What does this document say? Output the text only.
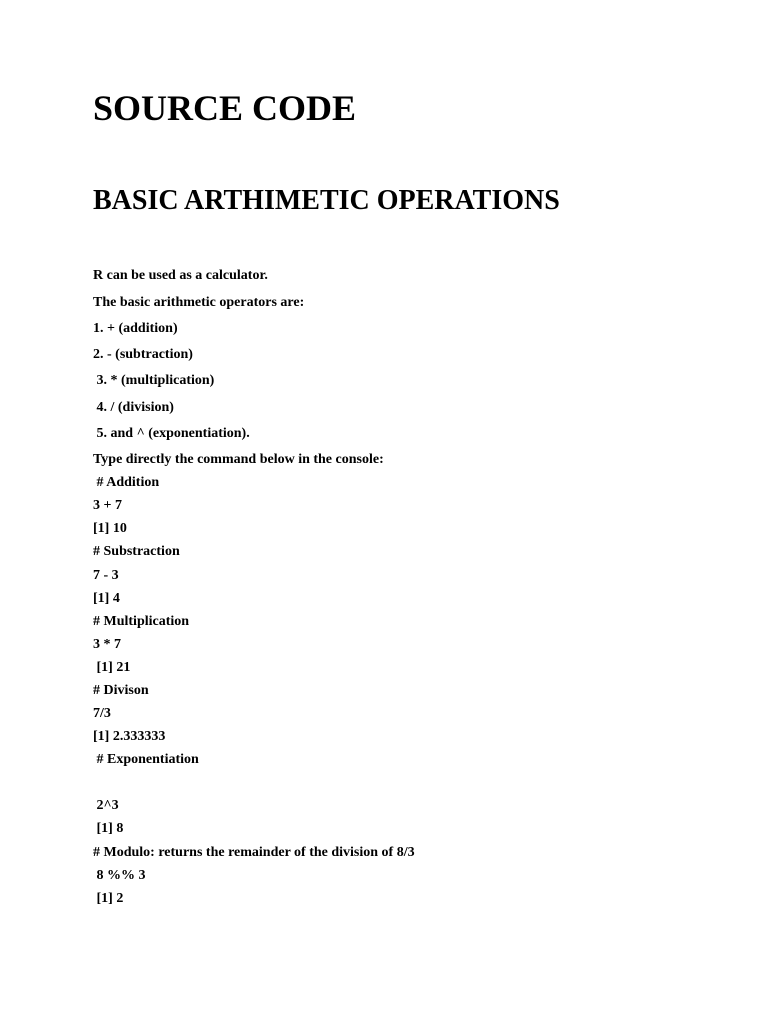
SOURCE CODE
BASIC ARTHIMETIC OPERATIONS

R can be used as a calculator.

The basic arithmetic operators are:

1. + (addition)

2. - (subtraction)

3. * (multiplication)

4. / (division)

5. and ^ (exponentiation).

Type directly the command below in the console:

# Addition

3 + 7

[1] 10

# Substraction

7 - 3

[1] 4

# Multiplication

3 * 7

[1] 21

# Divison

7/3

[1] 2.333333

# Exponentiation

2^3

[1] 8

# Modulo: returns the remainder of the division of 8/3

8 %% 3

[1] 2
